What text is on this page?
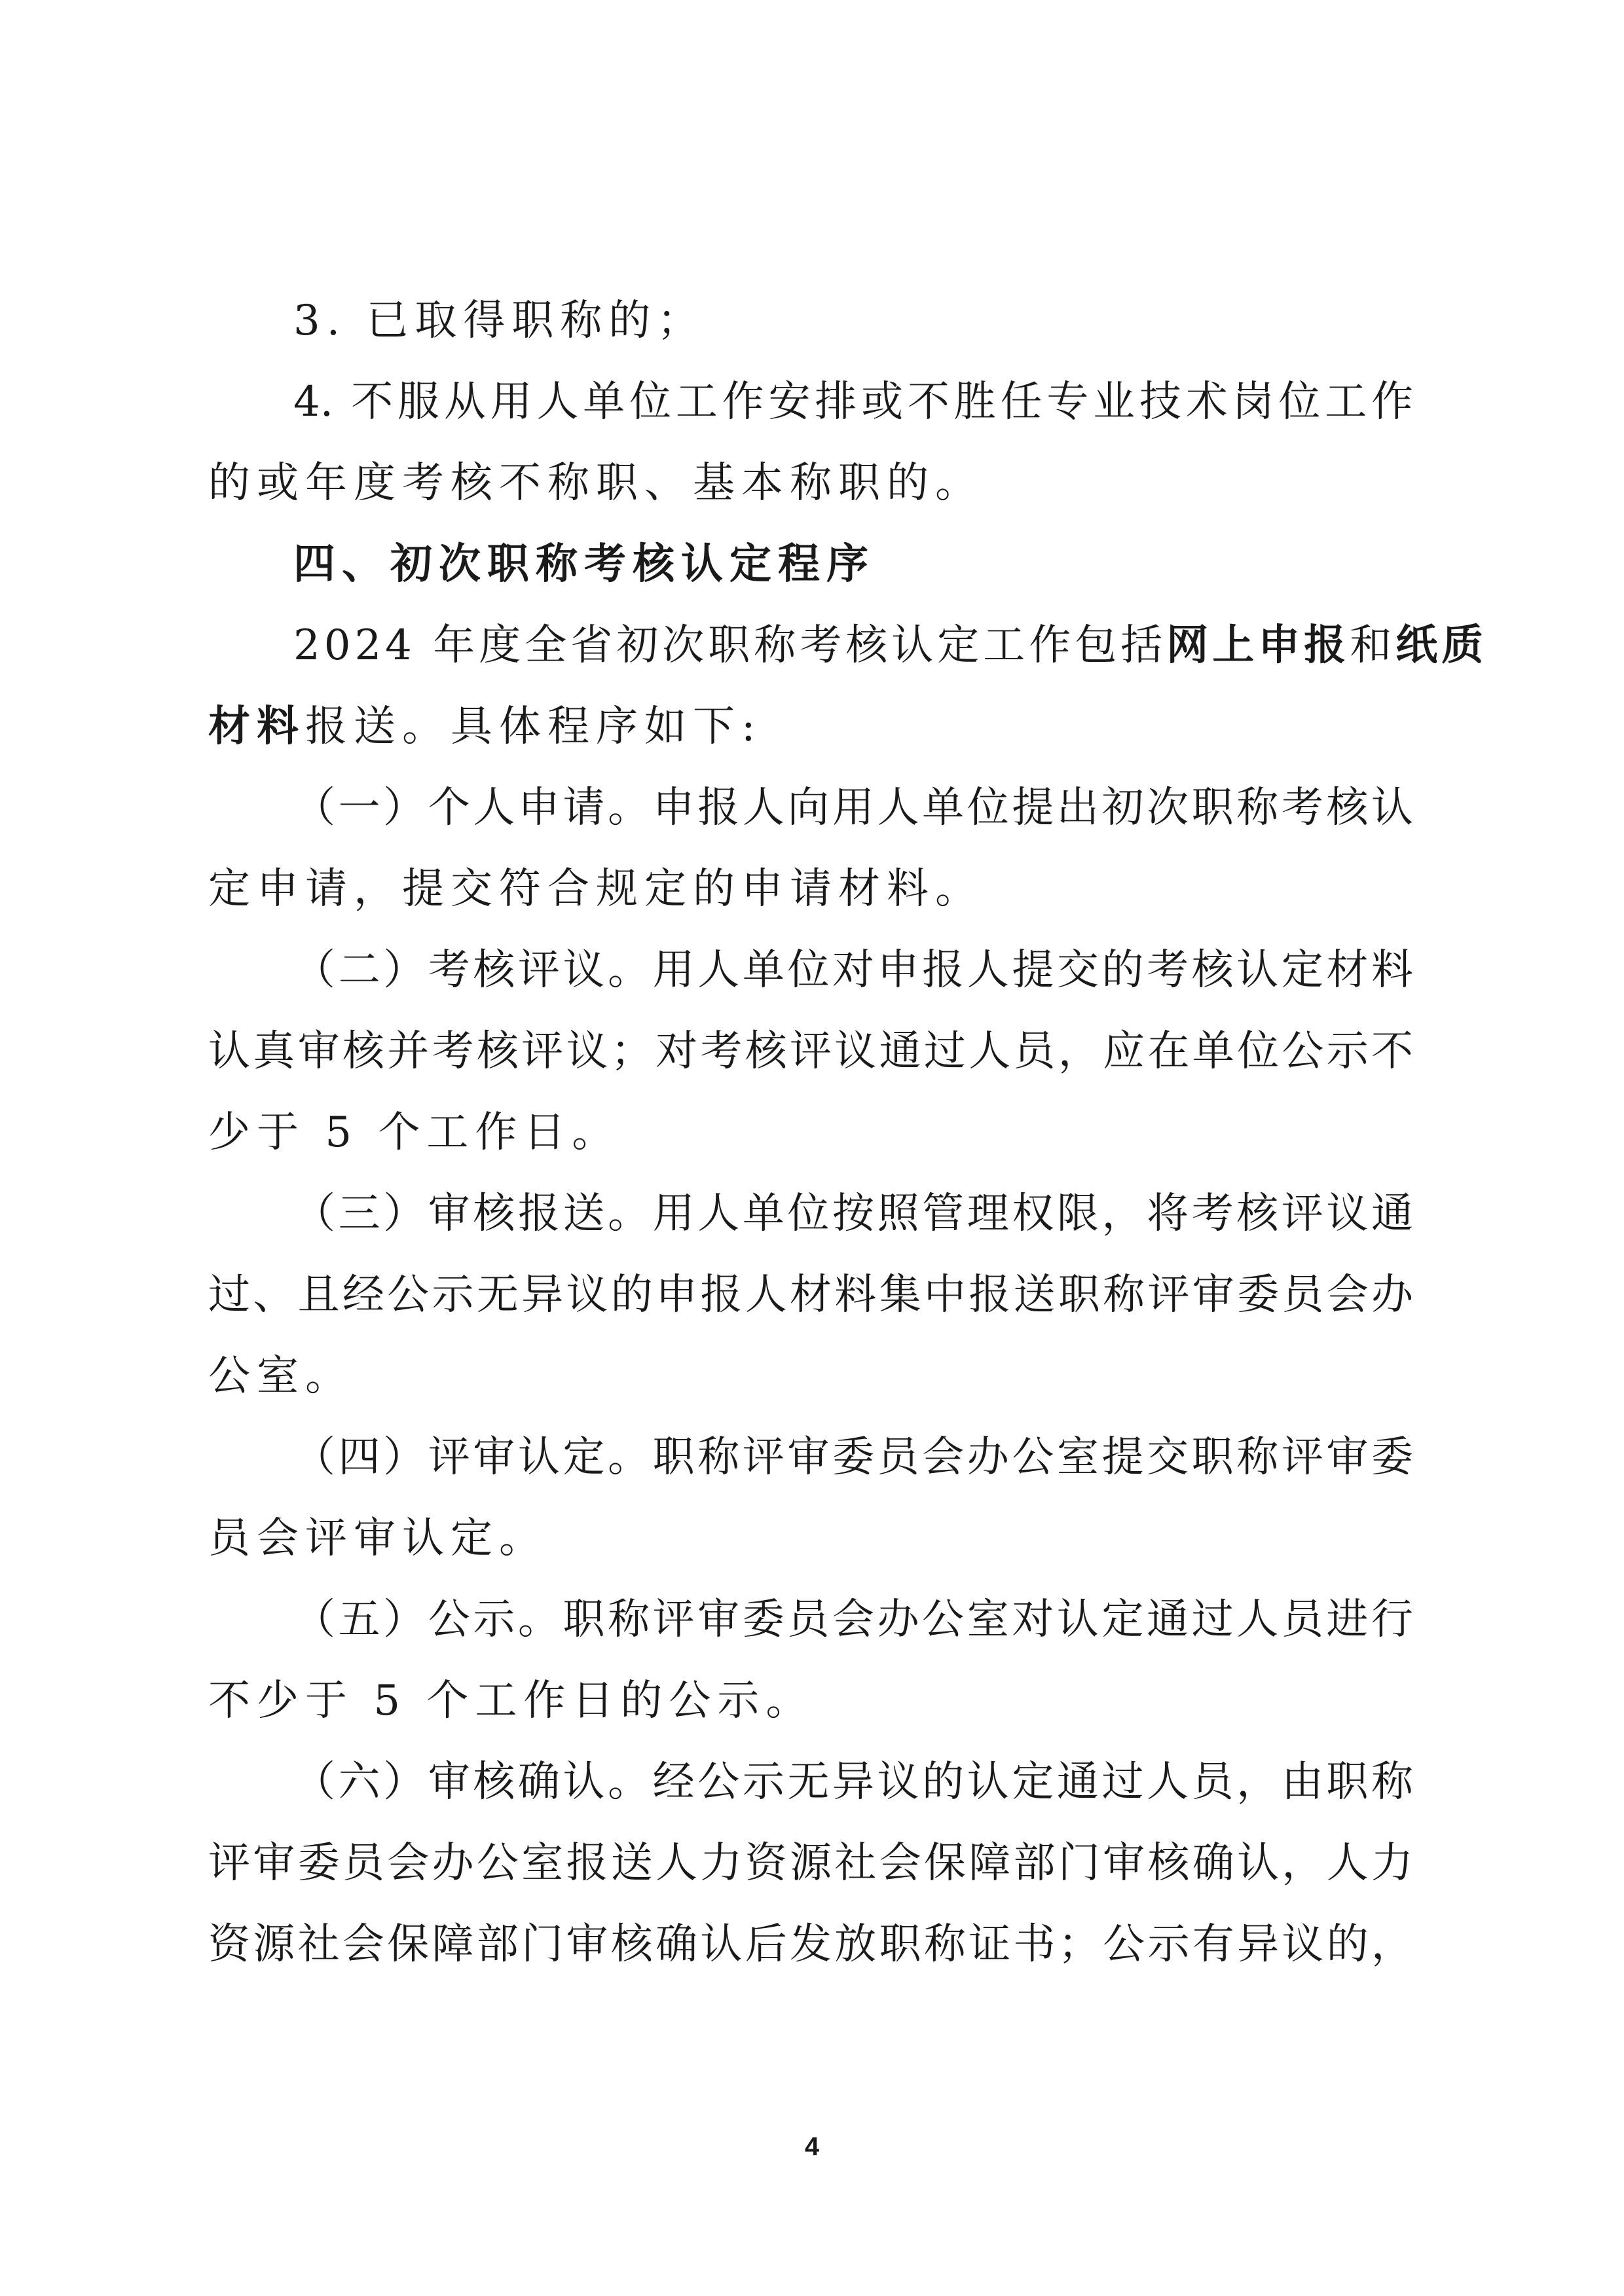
3. 已取得职称的；
4. 不服从用人单位工作安排或不胜任专业技术岗位工作
的或年度考核不称职、基本称职的。
四、初次职称考核认定程序
2024 年度全省初次职称考核认定工作包括网上申报和纸质
材料报送。具体程序如下:
（一）个人申请。申报人向用人单位提出初次职称考核认
定申请，提交符合规定的申请材料。
（二）考核评议。用人单位对申报人提交的考核认定材料
认真审核并考核评议；对考核评议通过人员，应在单位公示不
少于 5 个工作日。
（三）审核报送。用人单位按照管理权限，将考核评议通
过、且经公示无异议的申报人材料集中报送职称评审委员会办
公室。
（四）评审认定。职称评审委员会办公室提交职称评审委
员会评审认定。
（五）公示。职称评审委员会办公室对认定通过人员进行
不少于 5 个工作日的公示。
（六）审核确认。经公示无异议的认定通过人员，由职称
评审委员会办公室报送人力资源社会保障部门审核确认，人力
资源社会保障部门审核确认后发放职称证书；公示有异议的，
4
